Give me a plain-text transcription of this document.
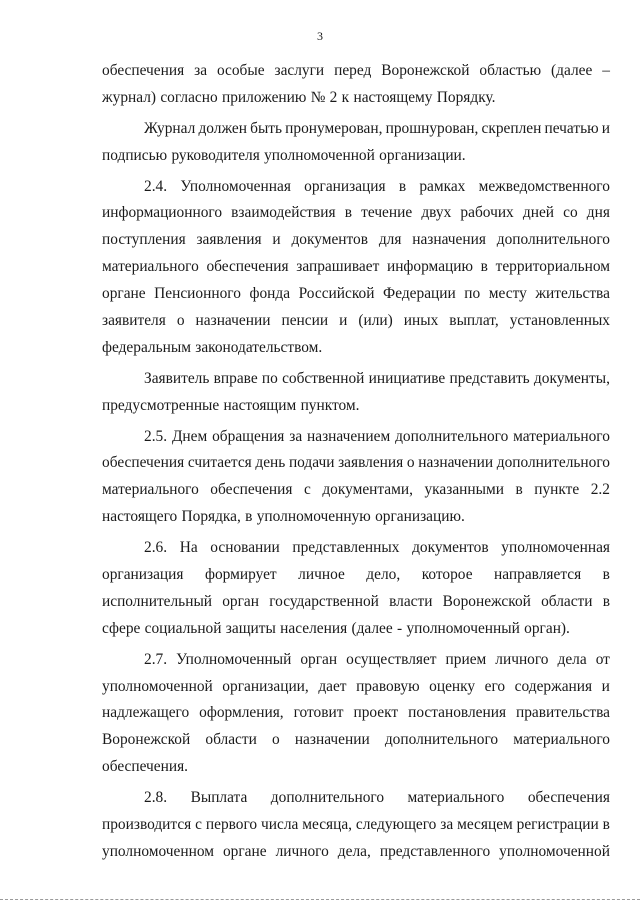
3
обеспечения за особые заслуги перед Воронежской областью (далее –
журнал) согласно приложению № 2 к настоящему Порядку.
Журнал должен быть пронумерован, прошнурован, скреплен печатью и
подписью руководителя уполномоченной организации.
2.4. Уполномоченная организация в рамках межведомственного
информационного взаимодействия в течение двух рабочих дней со дня
поступления заявления и документов для назначения дополнительного
материального обеспечения запрашивает информацию в территориальном
органе Пенсионного фонда Российской Федерации по месту жительства
заявителя о назначении пенсии и (или) иных выплат, установленных
федеральным законодательством.
Заявитель вправе по собственной инициативе представить документы,
предусмотренные настоящим пунктом.
2.5. Днем обращения за назначением дополнительного материального
обеспечения считается день подачи заявления о назначении дополнительного
материального обеспечения с документами, указанными в пункте 2.2
настоящего Порядка, в уполномоченную организацию.
2.6. На основании представленных документов уполномоченная
организация формирует личное дело, которое направляется в
исполнительный орган государственной власти Воронежской области в
сфере социальной защиты населения (далее - уполномоченный орган).
2.7. Уполномоченный орган осуществляет прием личного дела от
уполномоченной организации, дает правовую оценку его содержания и
надлежащего оформления, готовит проект постановления правительства
Воронежской области о назначении дополнительного материального
обеспечения.
2.8. Выплата дополнительного материального обеспечения
производится с первого числа месяца, следующего за месяцем регистрации в
уполномоченном органе личного дела, представленного уполномоченной
